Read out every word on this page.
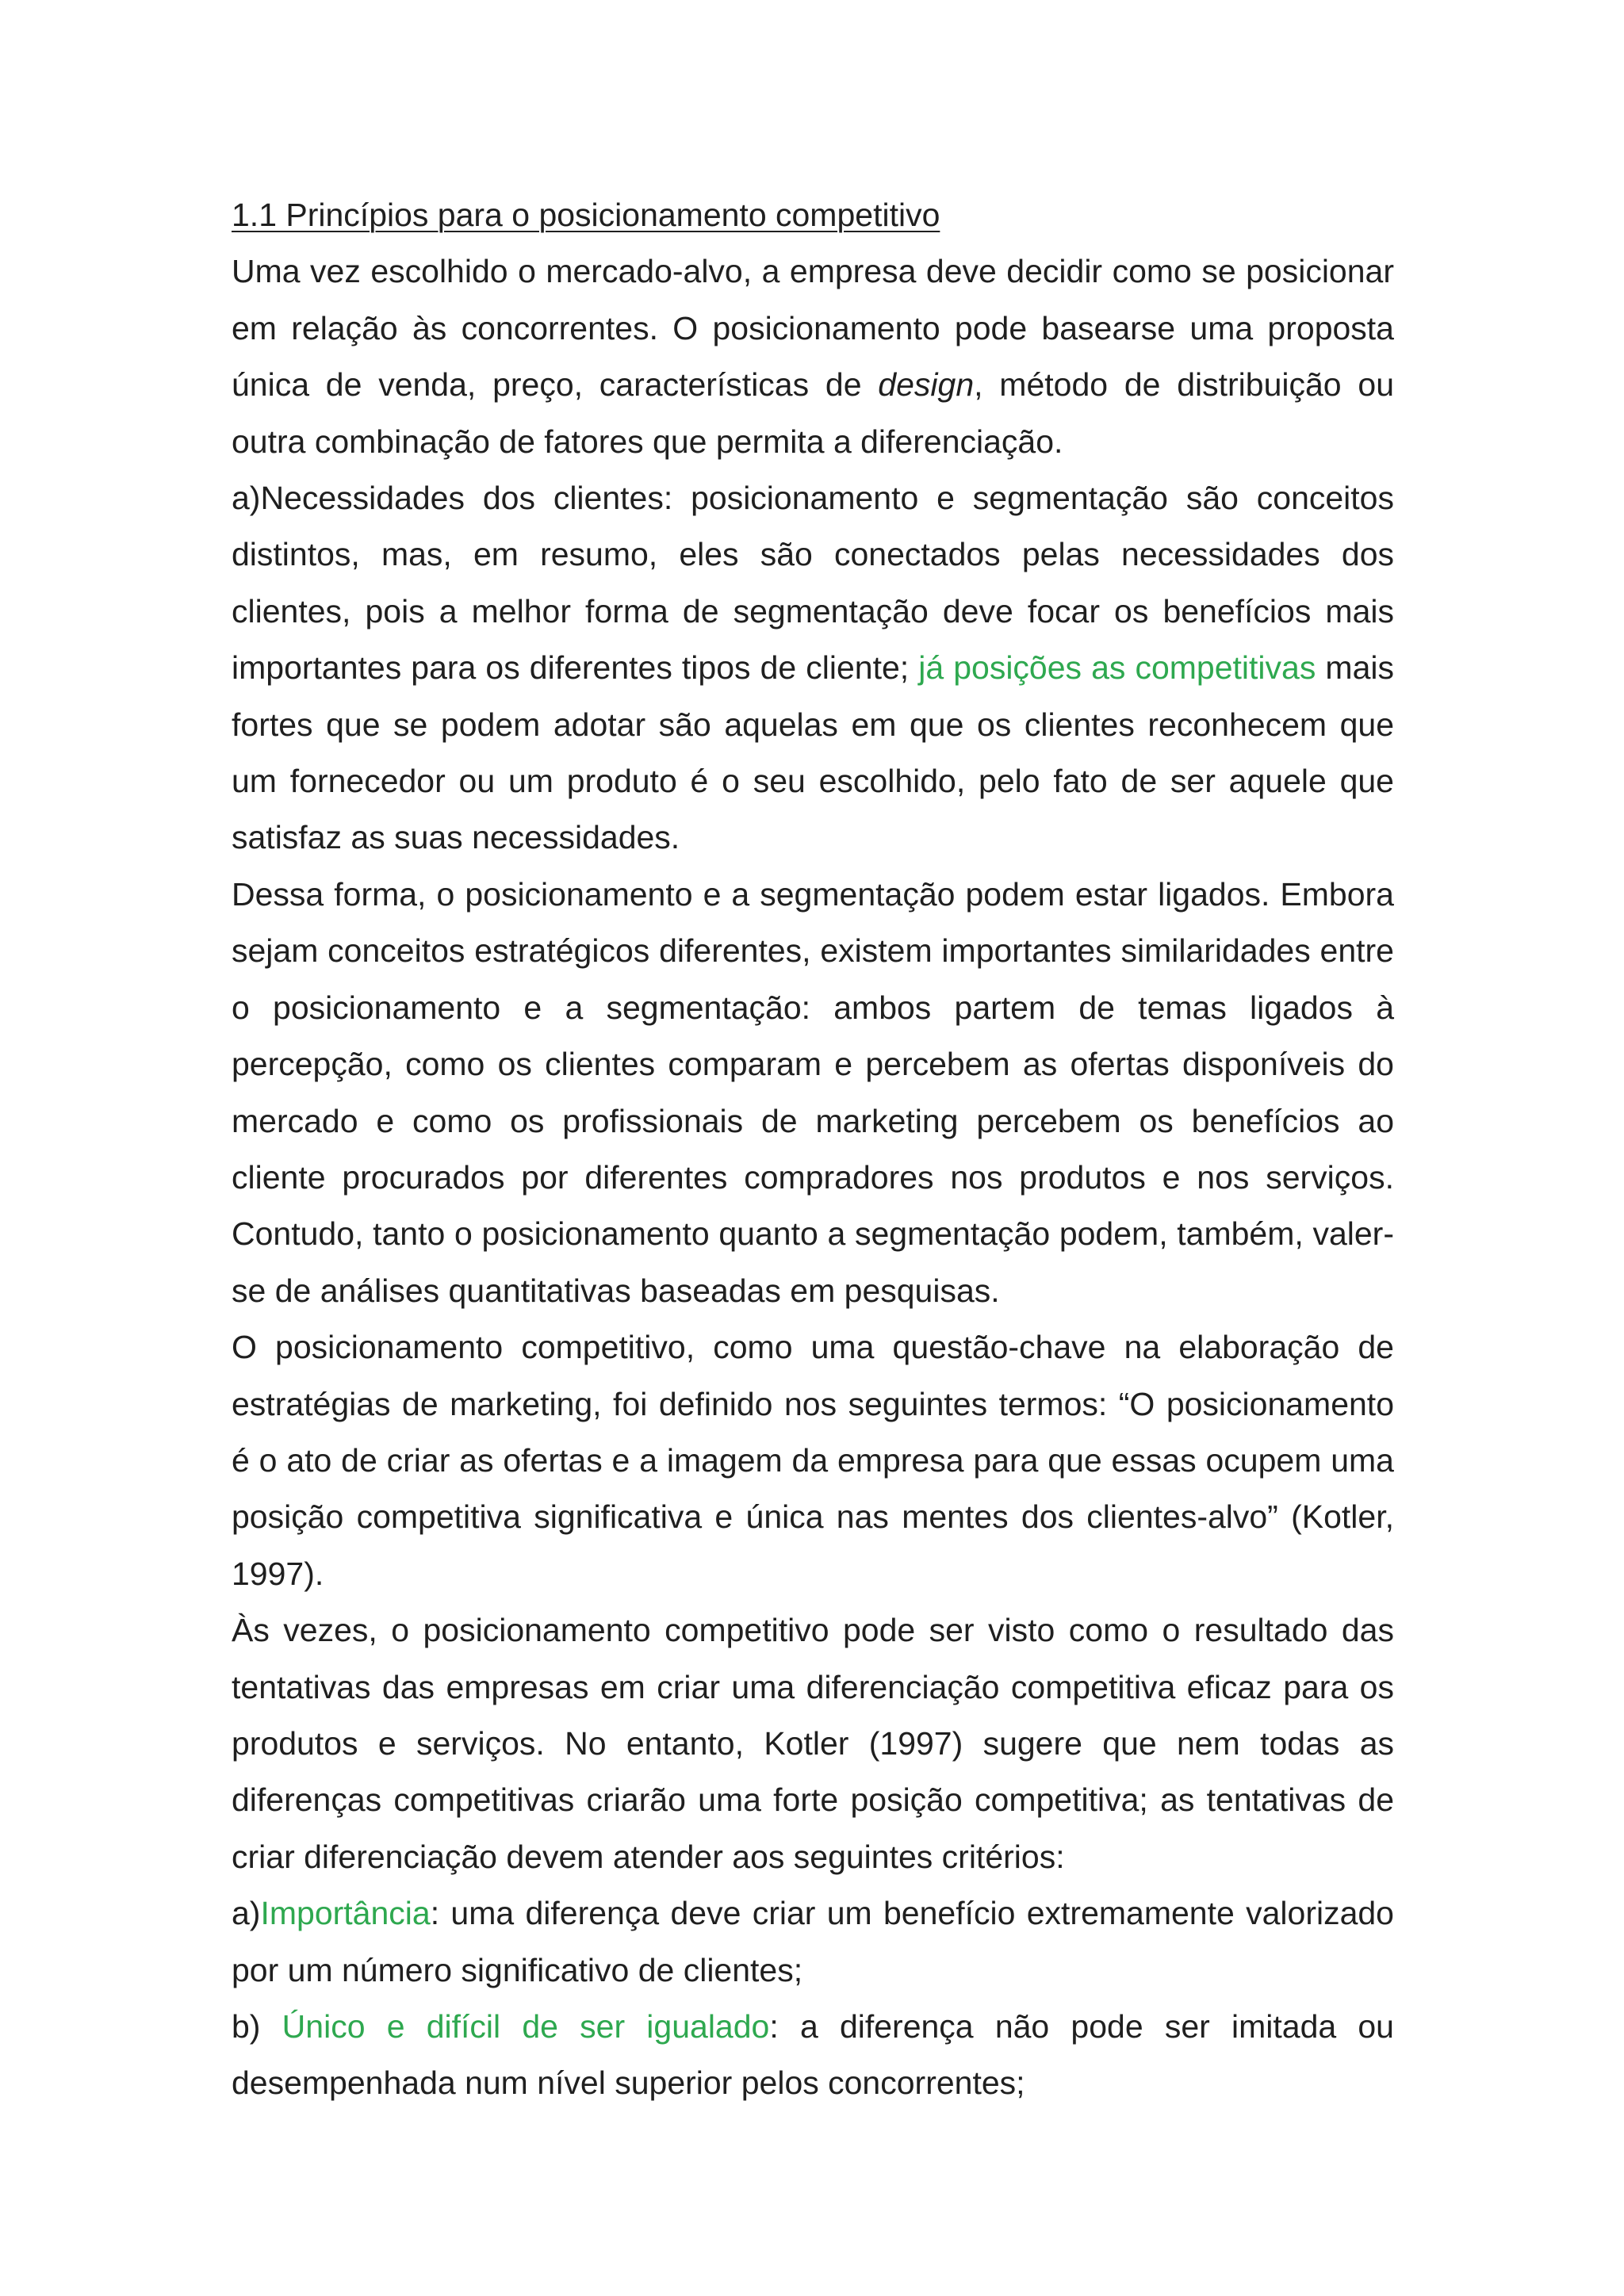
1.1 Princípios para o posicionamento competitivo

Uma vez escolhido o mercado-alvo, a empresa deve decidir como se posicionar em relação às concorrentes. O posicionamento pode basearse uma proposta única de venda, preço, características de design, método de distribuição ou outra combinação de fatores que permita a diferenciação.

a)Necessidades dos clientes: posicionamento e segmentação são conceitos distintos, mas, em resumo, eles são conectados pelas necessidades dos clientes, pois a melhor forma de segmentação deve focar os benefícios mais importantes para os diferentes tipos de cliente; já posições as competitivas mais fortes que se podem adotar são aquelas em que os clientes reconhecem que um fornecedor ou um produto é o seu escolhido, pelo fato de ser aquele que satisfaz as suas necessidades.

Dessa forma, o posicionamento e a segmentação podem estar ligados. Embora sejam conceitos estratégicos diferentes, existem importantes similaridades entre o posicionamento e a segmentação: ambos partem de temas ligados à percepção, como os clientes comparam e percebem as ofertas disponíveis do mercado e como os profissionais de marketing percebem os benefícios ao cliente procurados por diferentes compradores nos produtos e nos serviços. Contudo, tanto o posicionamento quanto a segmentação podem, também, valer-se de análises quantitativas baseadas em pesquisas.

O posicionamento competitivo, como uma questão-chave na elaboração de estratégias de marketing, foi definido nos seguintes termos: “O posicionamento é o ato de criar as ofertas e a imagem da empresa para que essas ocupem uma posição competitiva significativa e única nas mentes dos clientes-alvo” (Kotler, 1997).

Às vezes, o posicionamento competitivo pode ser visto como o resultado das tentativas das empresas em criar uma diferenciação competitiva eficaz para os produtos e serviços. No entanto, Kotler (1997) sugere que nem todas as diferenças competitivas criarão uma forte posição competitiva; as tentativas de criar diferenciação devem atender aos seguintes critérios:

a)Importância: uma diferença deve criar um benefício extremamente valorizado por um número significativo de clientes;

b) Único e difícil de ser igualado: a diferença não pode ser imitada ou desempenhada num nível superior pelos concorrentes;
